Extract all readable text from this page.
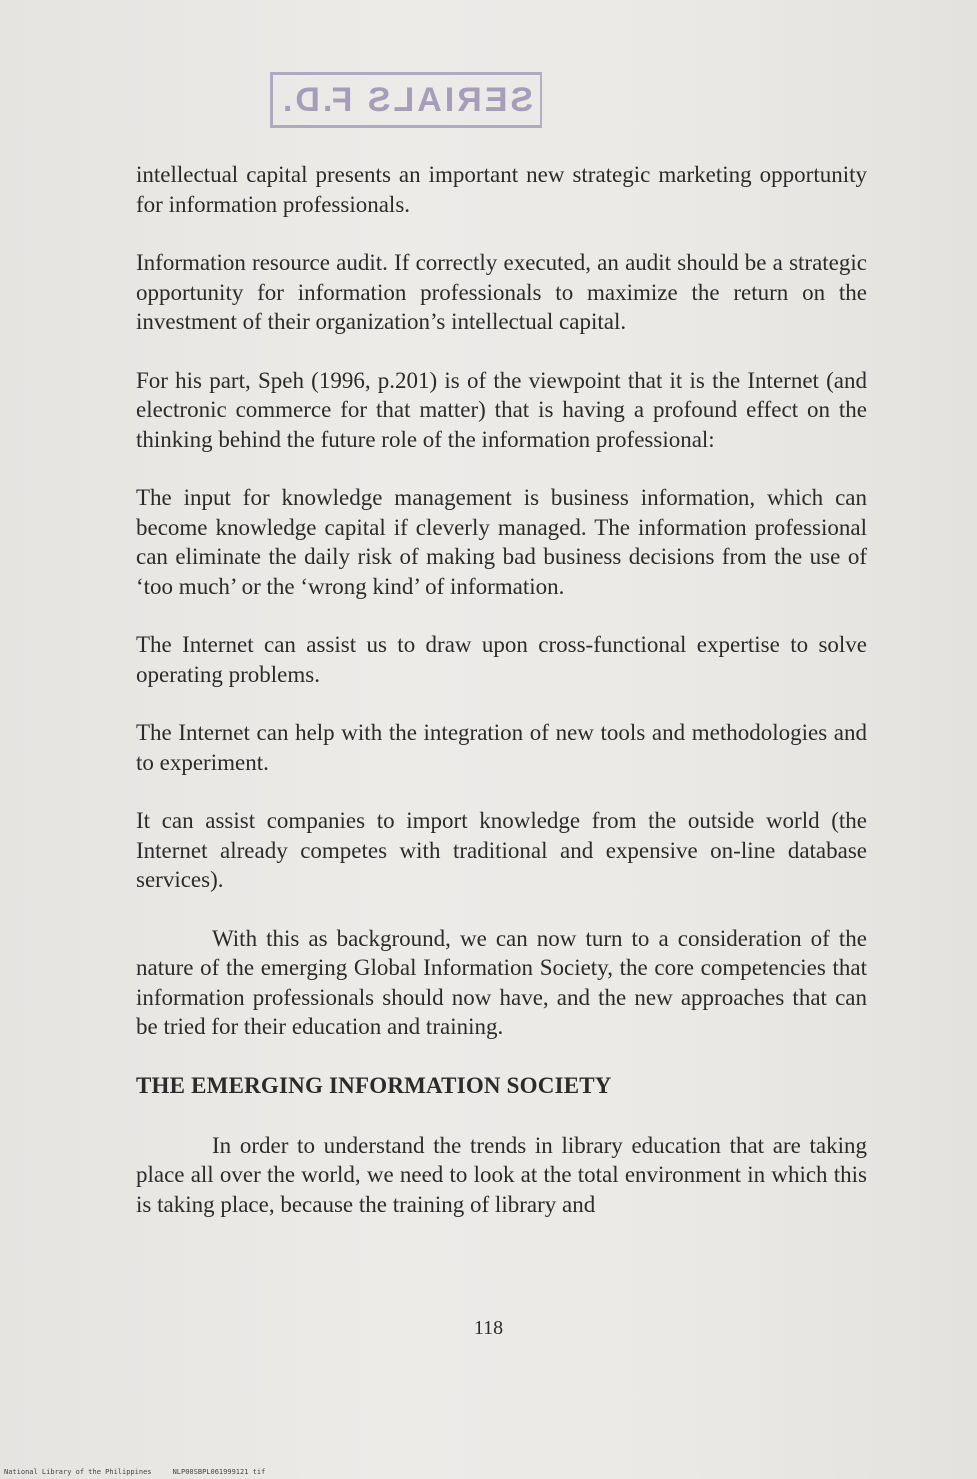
SERIALS F.D.

intellectual capital presents an important new strategic marketing opportunity for information professionals.

Information resource audit. If correctly executed, an audit should be a strategic opportunity for information professionals to maximize the return on the investment of their organization’s intellectual capital.

For his part, Speh (1996, p.201) is of the viewpoint that it is the Internet (and electronic commerce for that matter) that is having a profound effect on the thinking behind the future role of the information professional:

The input for knowledge management is business information, which can become knowledge capital if cleverly managed. The information professional can eliminate the daily risk of making bad business decisions from the use of ‘too much’ or the ‘wrong kind’ of information.

The Internet can assist us to draw upon cross-functional expertise to solve operating problems.

The Internet can help with the integration of new tools and methodologies and to experiment.

It can assist companies to import knowledge from the outside world (the Internet already competes with traditional and expensive on-line database services).

With this as background, we can now turn to a consideration of the nature of the emerging Global Information Society, the core competencies that information professionals should now have, and the new approaches that can be tried for their education and training.

THE EMERGING INFORMATION SOCIETY

In order to understand the trends in library education that are taking place all over the world, we need to look at the total environment in which this is taking place, because the training of library and

118
National Library of the Philippines     NLP00SBPL061999121 tif
